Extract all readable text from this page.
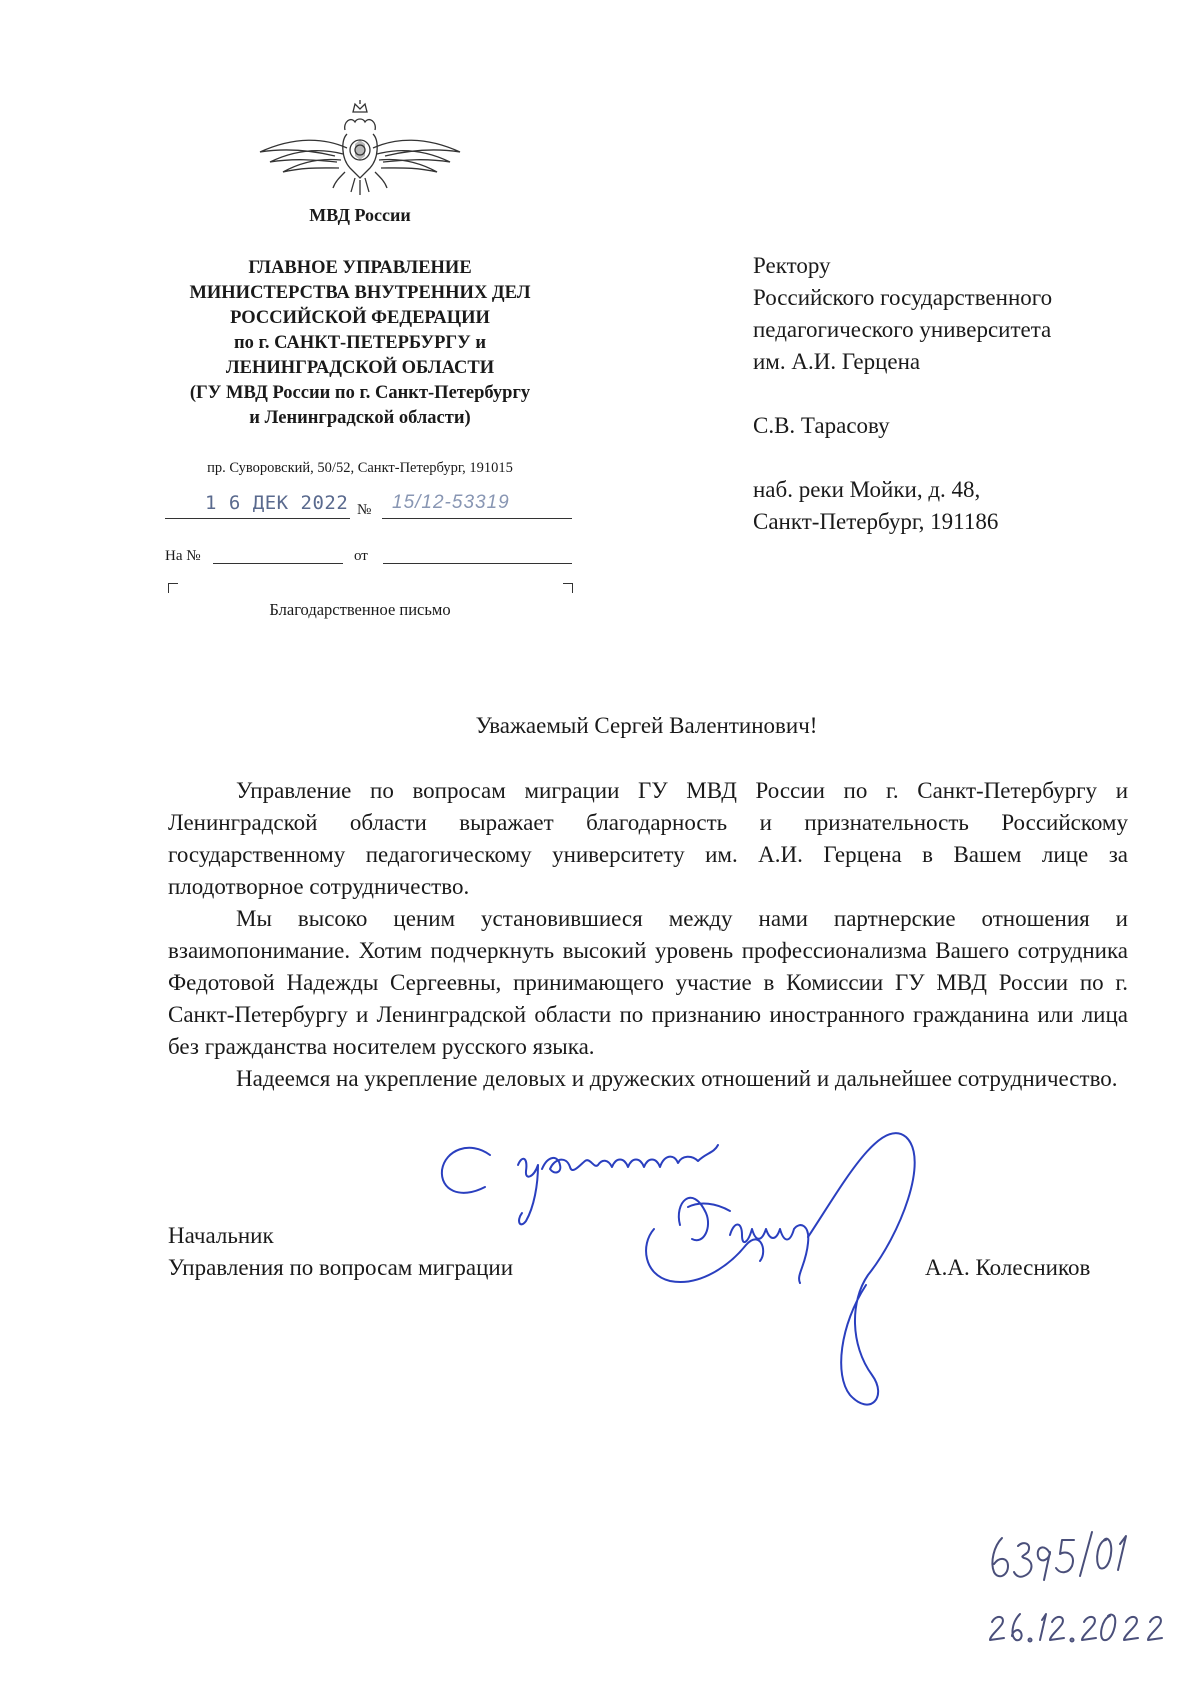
МВД России
ГЛАВНОЕ УПРАВЛЕНИЕ
МИНИСТЕРСТВА ВНУТРЕННИХ ДЕЛ
РОССИЙСКОЙ ФЕДЕРАЦИИ
по г. САНКТ-ПЕТЕРБУРГУ и
ЛЕНИНГРАДСКОЙ ОБЛАСТИ
(ГУ МВД России по г. Санкт-Петербургу
и Ленинградской области)
пр. Суворовский, 50/52, Санкт-Петербург, 191015
1 6 ДЕК 2022 № 15/12-53319
На №	от
Благодарственное письмо
Ректору
Российского государственного
педагогического университета
им. А.И. Герцена
С.В. Тарасову
наб. реки Мойки, д. 48,
Санкт-Петербург, 191186
Уважаемый Сергей Валентинович!

Управление по вопросам миграции ГУ МВД России по г. Санкт-Петербургу и Ленинградской области выражает благодарность и признательность Российскому государственному педагогическому университету им. А.И. Герцена в Вашем лице за плодотворное сотрудничество.

Мы высоко ценим установившиеся между нами партнерские отношения и взаимопонимание. Хотим подчеркнуть высокий уровень профессионализма Вашего сотрудника Федотовой Надежды Сергеевны, принимающего участие в Комиссии ГУ МВД России по г. Санкт-Петербургу и Ленинградской области по признанию иностранного гражданина или лица без гражданства носителем русского языка.

Надеемся на укрепление деловых и дружеских отношений и дальнейшее сотрудничество.

Начальник
Управления по вопросам миграции	А.А. Колесников
